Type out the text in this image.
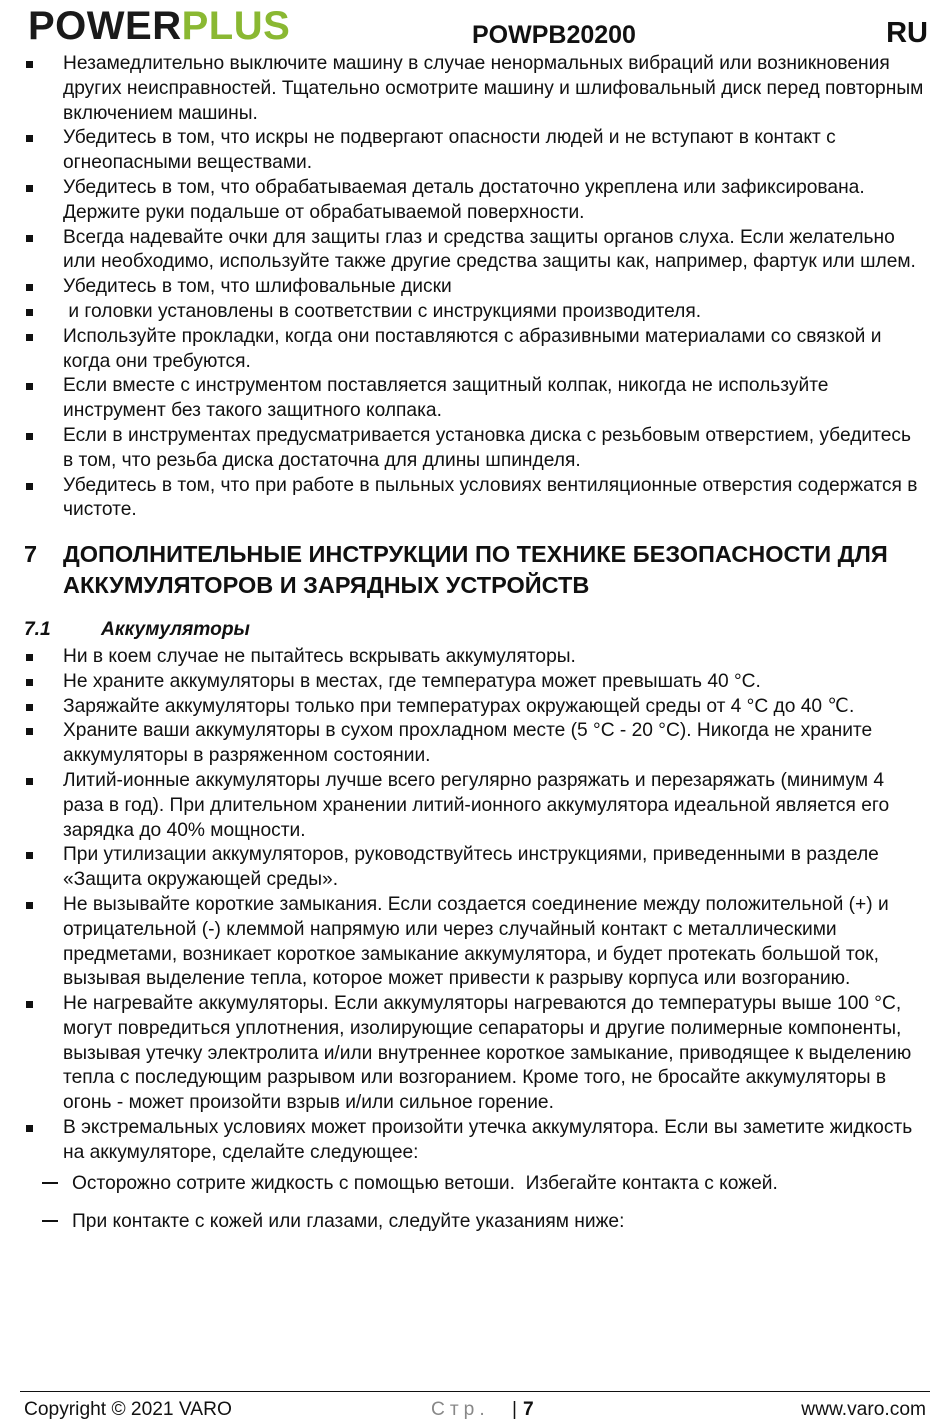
POWERPLUS	POWPB20200	RU
Незамедлительно выключите машину в случае ненормальных вибраций или возникновения других неисправностей. Тщательно осмотрите машину и шлифовальный диск перед повторным включением машины.
Убедитесь в том, что искры не подвергают опасности людей и не вступают в контакт с огнеопасными веществами.
Убедитесь в том, что обрабатываемая деталь достаточно укреплена или зафиксирована. Держите руки подальше от обрабатываемой поверхности.
Всегда надевайте очки для защиты глаз и средства защиты органов слуха. Если желательно или необходимо, используйте также другие средства защиты как, например, фартук или шлем.
Убедитесь в том, что шлифовальные диски
и головки установлены в соответствии с инструкциями производителя.
Используйте прокладки, когда они поставляются с абразивными материалами со связкой и когда они требуются.
Если вместе с инструментом поставляется защитный колпак, никогда не используйте инструмент без такого защитного колпака.
Если в инструментах предусматривается установка диска с резьбовым отверстием, убедитесь в том, что резьба диска достаточна для длины шпинделя.
Убедитесь в том, что при работе в пыльных условиях вентиляционные отверстия содержатся в чистоте.
7 ДОПОЛНИТЕЛЬНЫЕ ИНСТРУКЦИИ ПО ТЕХНИКЕ БЕЗОПАСНОСТИ ДЛЯ АККУМУЛЯТОРОВ И ЗАРЯДНЫХ УСТРОЙСТВ
7.1	Аккумуляторы
Ни в коем случае не пытайтесь вскрывать аккумуляторы.
Не храните аккумуляторы в местах, где температура может превышать 40 °C.
Заряжайте аккумуляторы только при температурах окружающей среды от 4 °C до 40 ℃.
Храните ваши аккумуляторы в сухом прохладном месте (5 °C - 20 °C). Никогда не храните аккумуляторы в разряженном состоянии.
Литий-ионные аккумуляторы лучше всего регулярно разряжать и перезаряжать (минимум 4 раза в год). При длительном хранении литий-ионного аккумулятора идеальной является его зарядка до 40% мощности.
При утилизации аккумуляторов, руководствуйтесь инструкциями, приведенными в разделе «Защита окружающей среды».
Не вызывайте короткие замыкания. Если создается соединение между положительной (+) и отрицательной (-) клеммой напрямую или через случайный контакт с металлическими предметами, возникает короткое замыкание аккумулятора, и будет протекать большой ток, вызывая выделение тепла, которое может привести к разрыву корпуса или возгоранию.
Не нагревайте аккумуляторы. Если аккумуляторы нагреваются до температуры выше 100 °C, могут повредиться уплотнения, изолирующие сепараторы и другие полимерные компоненты, вызывая утечку электролита и/или внутреннее короткое замыкание, приводящее к выделению тепла с последующим разрывом или возгоранием. Кроме того, не бросайте аккумуляторы в огонь - может произойти взрыв и/или сильное горение.
В экстремальных условиях может произойти утечка аккумулятора. Если вы заметите жидкость на аккумуляторе, сделайте следующее:
Осторожно сотрите жидкость с помощью ветоши.  Избегайте контакта с кожей.
При контакте с кожей или глазами, следуйте указаниям ниже:
Copyright © 2021 VARO	Стр. | 7	www.varo.com
